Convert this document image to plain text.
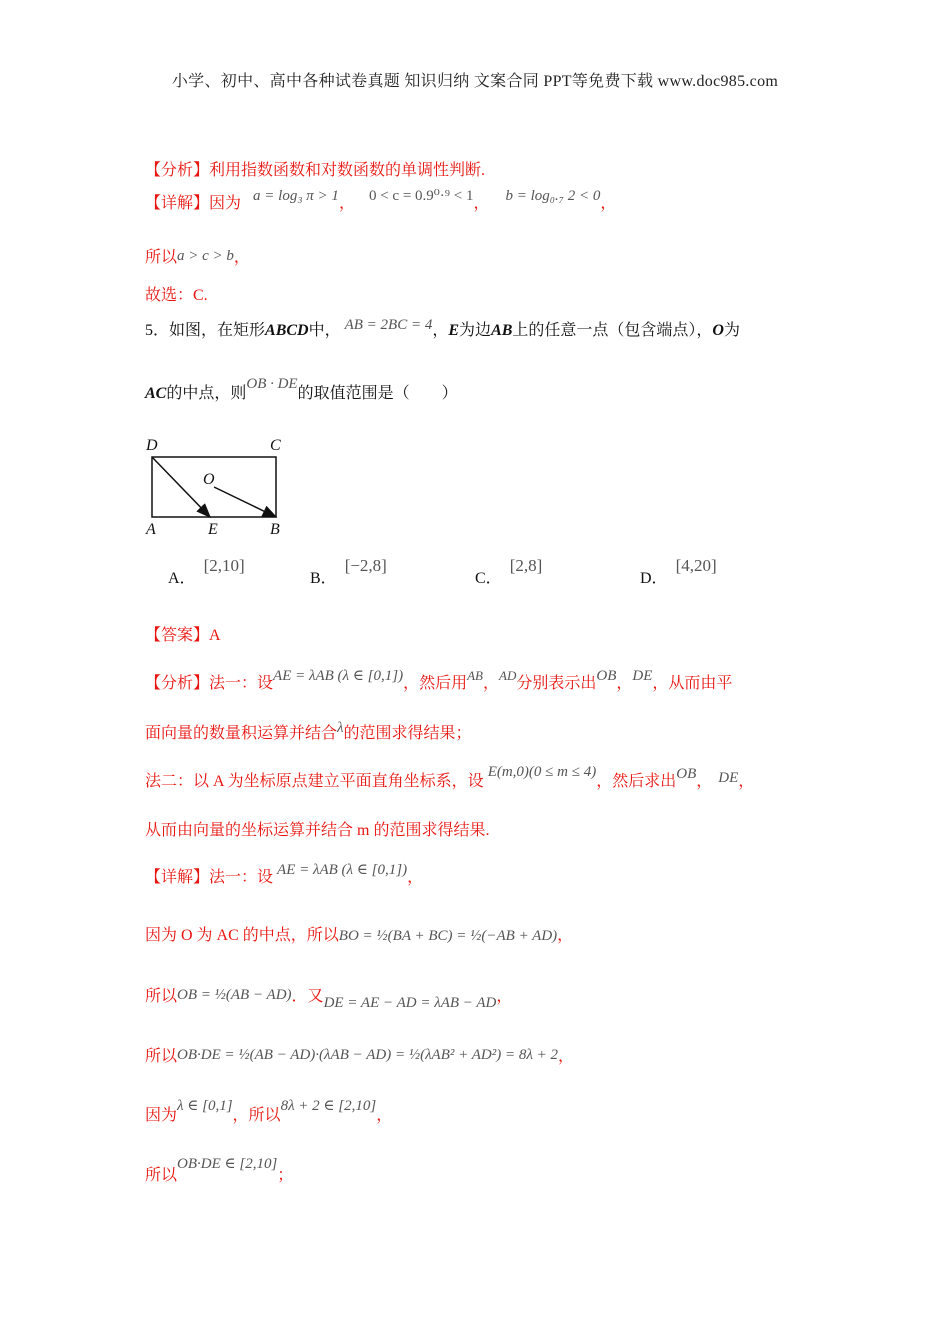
小学、初中、高中各种试卷真题 知识归纳 文案合同 PPT等免费下载 www.doc985.com
【分析】利用指数函数和对数函数的单调性判断.
【详解】因为 a = log₃ π > 1， 0 < c = 0.9⁰·⁹ < 1， b = log₀.₇ 2 < 0，
所以a > c > b，
故选：C.
5．如图，在矩形ABCD中， AB = 2BC = 4，E为边AB上的任意一点（包含端点），O为
AC的中点，则OB · DE的取值范围是（　　）
D	C
O
A	E	B
A．[2,10]
B．[−2,8]
C．[2,8]
D．[4,20]
【答案】A
【分析】法一：设AE = λAB (λ ∈ [0,1])，然后用$^{AB}$，$^{AD}$分别表示出OB，DE，从而由平
面向量的数量积运算并结合λ的范围求得结果；
法二：以 A 为坐标原点建立平面直角坐标系，设E(m,0)(0 ≤ m ≤ 4)，然后求出OB， DE，
从而由向量的坐标运算并结合 m 的范围求得结果.
【详解】法一：设 AE = λAB (λ ∈ [0,1])，
因为 O 为 AC 的中点，所以BO = ½(BA + BC) = ½(−AB + AD)，
所以OB = ½(AB − AD)．又DE = AE − AD = λAB − AD，
所以OB·DE = ½(AB − AD)·(λAB − AD) = ½(λAB² + AD²) = 8λ + 2，
因为λ ∈ [0,1]，所以8λ + 2 ∈ [2,10]，
所以OB·DE ∈ [2,10]；
